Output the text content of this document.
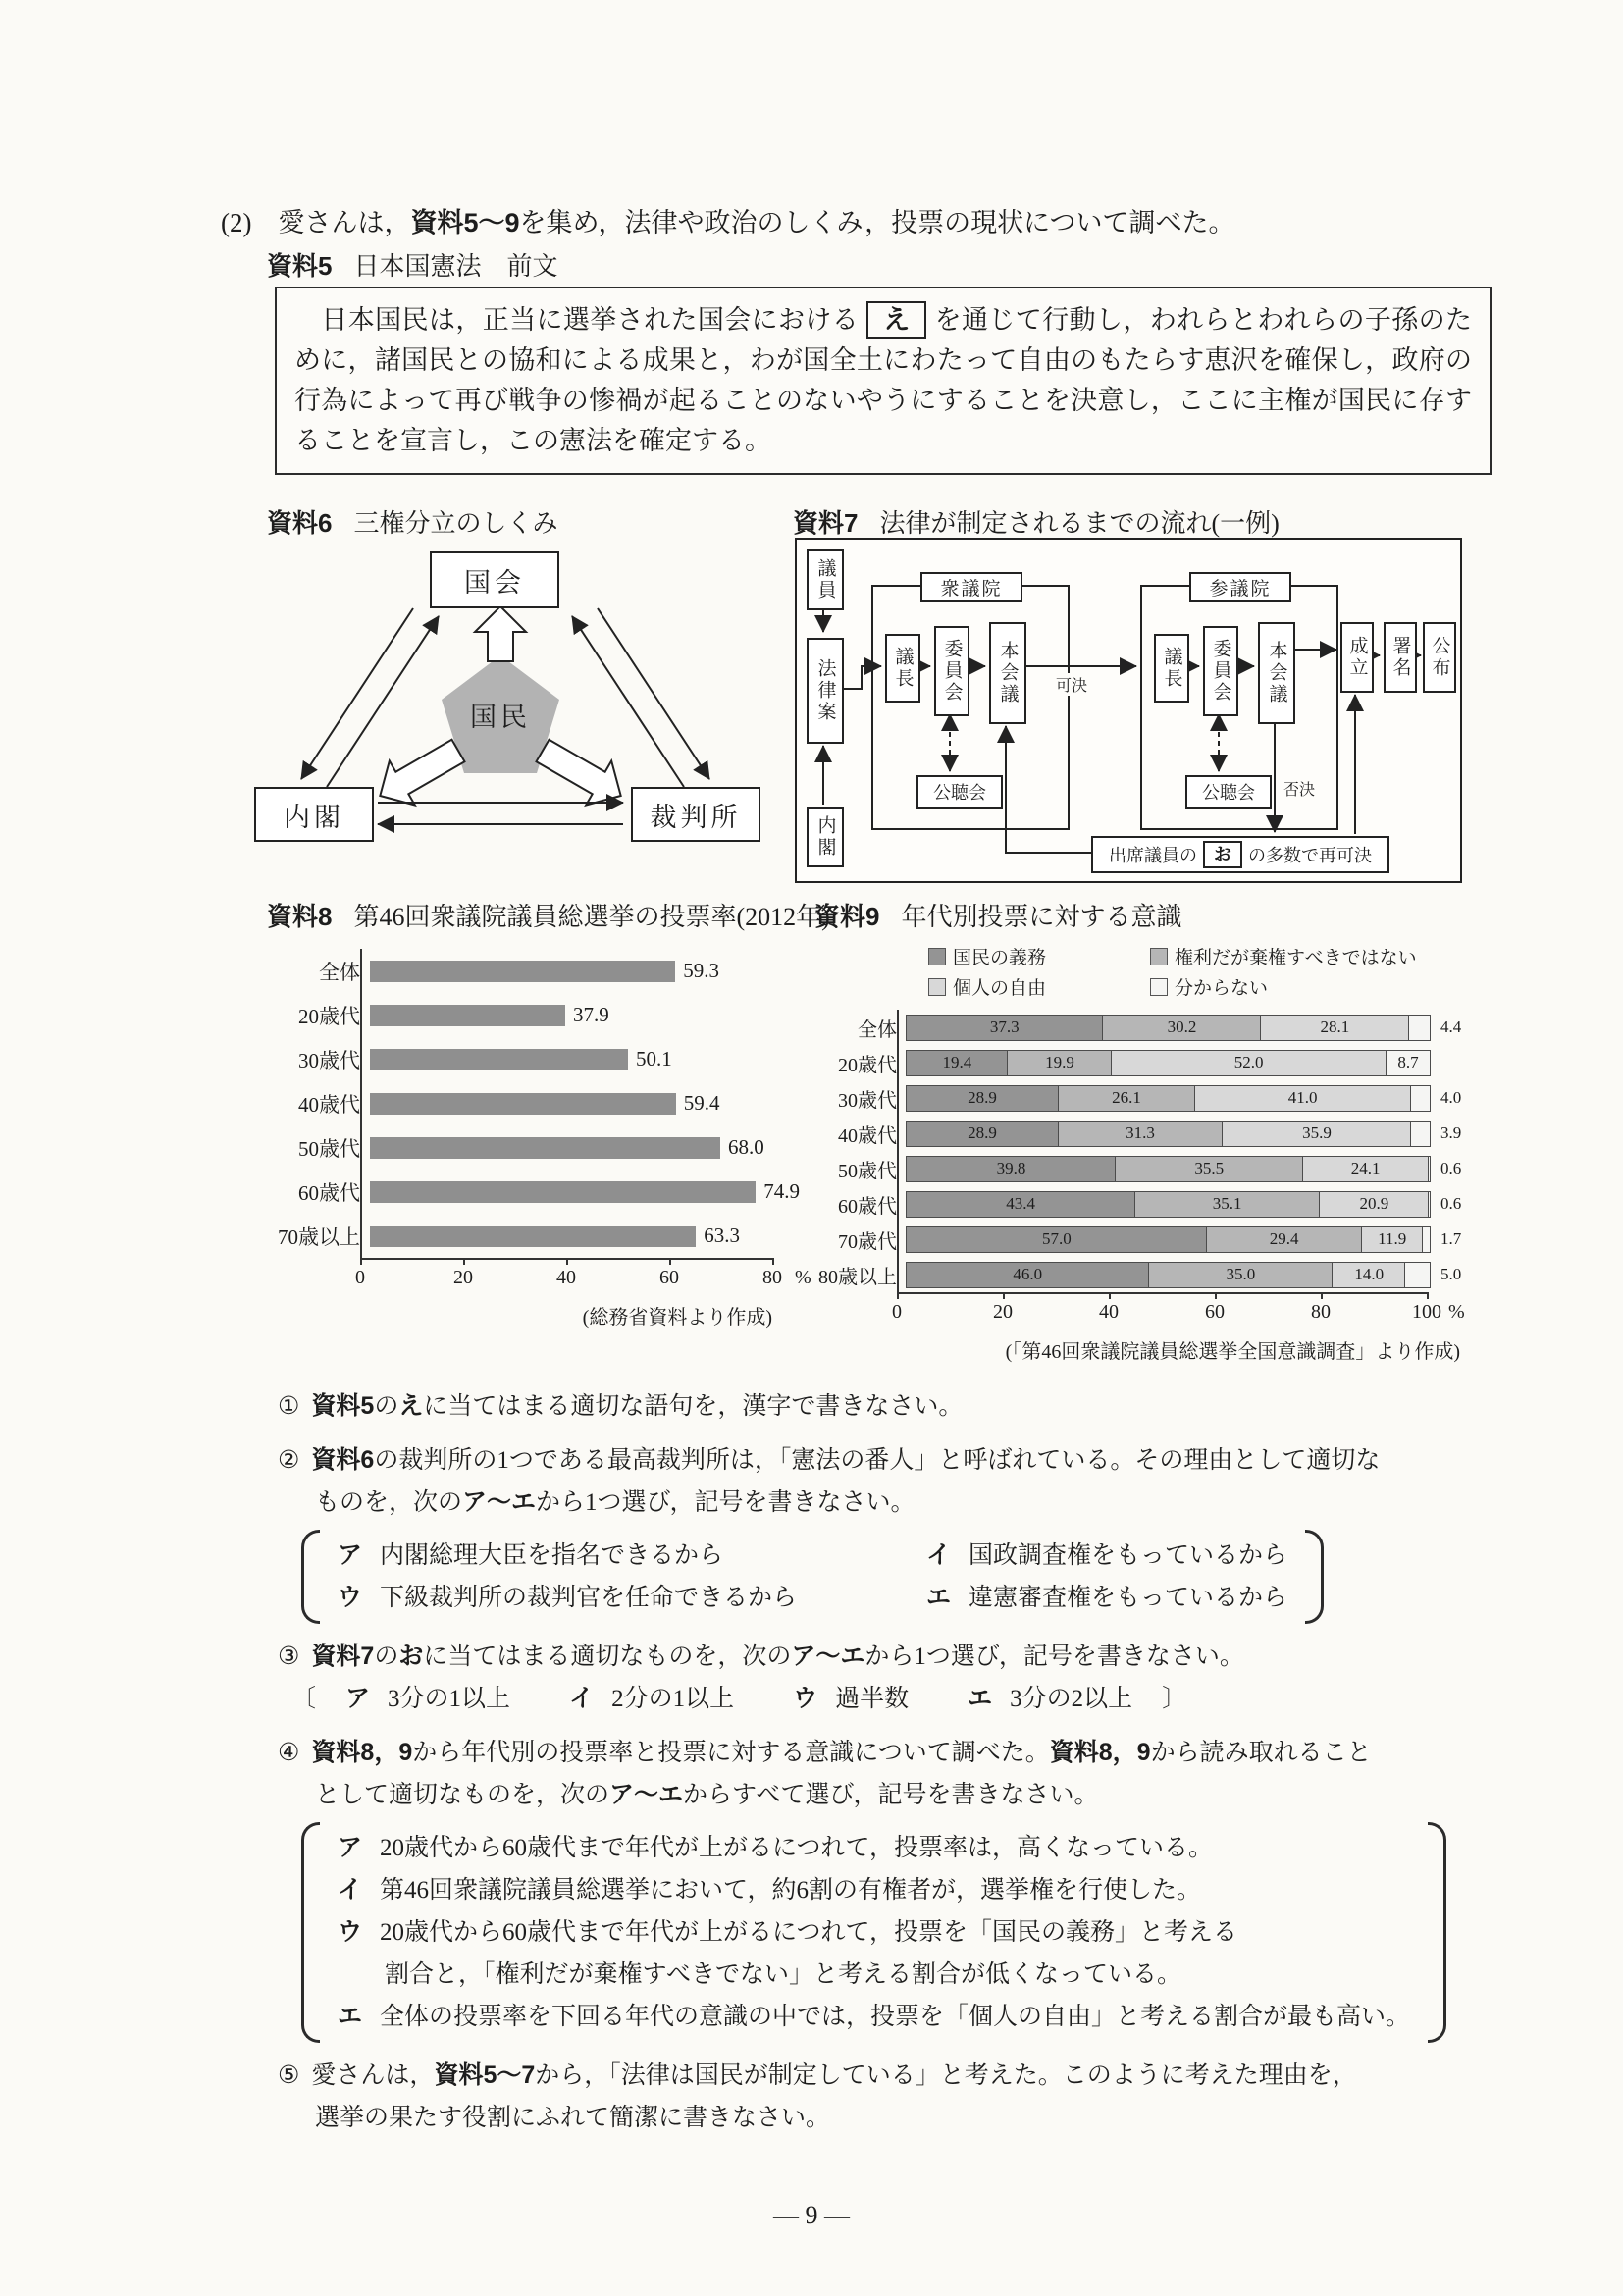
(2)　愛さんは，資料5～9を集め，法律や政治のしくみ，投票の現状について調べた。
資料5 日本国憲法　前文
　日本国民は，正当に選挙された国会における え を通じて行動し，われらとわれらの子孫のために，諸国民との協和による成果と，わが国全土にわたって自由のもたらす恵沢を確保し，政府の行為によって再び戦争の惨禍が起ることのないやうにすることを決意し，ここに主権が国民に存することを宣言し，この憲法を確定する。
資料6 三権分立のしくみ
国会
内閣	裁判所
国民
資料7 法律が制定されるまでの流れ(一例)
議員
法律案
内閣
衆議院
議長 委員会 本会議
公聴会
参議院
議長 委員会 本会議
公聴会
成立 署名 公布
可決
否決
出席議員の お の多数で再可決
資料8 第46回衆議院議員総選挙の投票率(2012年)
全体	59.3
20歳代	37.9
30歳代	50.1
40歳代	59.4
50歳代	68.0
60歳代	74.9
70歳以上	63.3
%
0	20	40	60	80
(総務省資料より作成)
資料9 年代別投票に対する意識
国民の義務	権利だが棄権すべきではない
個人の自由	分からない
全体	37.3	30.2	28.1	4.4
20歳代	19.4	19.9	52.0	8.7
30歳代	28.9	26.1	41.0	4.0
40歳代	28.9	31.3	35.9	3.9
50歳代	39.8	35.5	24.1	0.6
60歳代	43.4	35.1	20.9	0.6
70歳代	57.0	29.4	11.9 1.7
80歳以上	46.0	35.0	14.0	5.0
%
0	20	40	60	80	100
(「第46回衆議院議員総選挙全国意識調査」より作成)
① 資料5のえに当てはまる適切な語句を，漢字で書きなさい。
② 資料6の裁判所の1つである最高裁判所は，「憲法の番人」と呼ばれている。その理由として適切な
ものを，次のア～エから1つ選び，記号を書きなさい。
ア 内閣総理大臣を指名できるから	イ 国政調査権をもっているから
ウ 下級裁判所の裁判官を任命できるから	エ 違憲審査権をもっているから
③ 資料7のおに当てはまる適切なものを，次のア～エから1つ選び，記号を書きなさい。
〔 ア 3分の1以上 イ 2分の1以上 ウ 過半数 エ 3分の2以上 〕
④ 資料8，9から年代別の投票率と投票に対する意識について調べた。資料8，9から読み取れること
として適切なものを，次のア～エからすべて選び，記号を書きなさい。
ア 20歳代から60歳代まで年代が上がるにつれて，投票率は，高くなっている。
イ 第46回衆議院議員総選挙において，約6割の有権者が，選挙権を行使した。
ウ 20歳代から60歳代まで年代が上がるにつれて，投票を「国民の義務」と考える
割合と，「権利だが棄権すべきでない」と考える割合が低くなっている。
エ 全体の投票率を下回る年代の意識の中では，投票を「個人の自由」と考える割合が最も高い。
⑤ 愛さんは，資料5～7から，「法律は国民が制定している」と考えた。このように考えた理由を，
選挙の果たす役割にふれて簡潔に書きなさい。
— 9 —
